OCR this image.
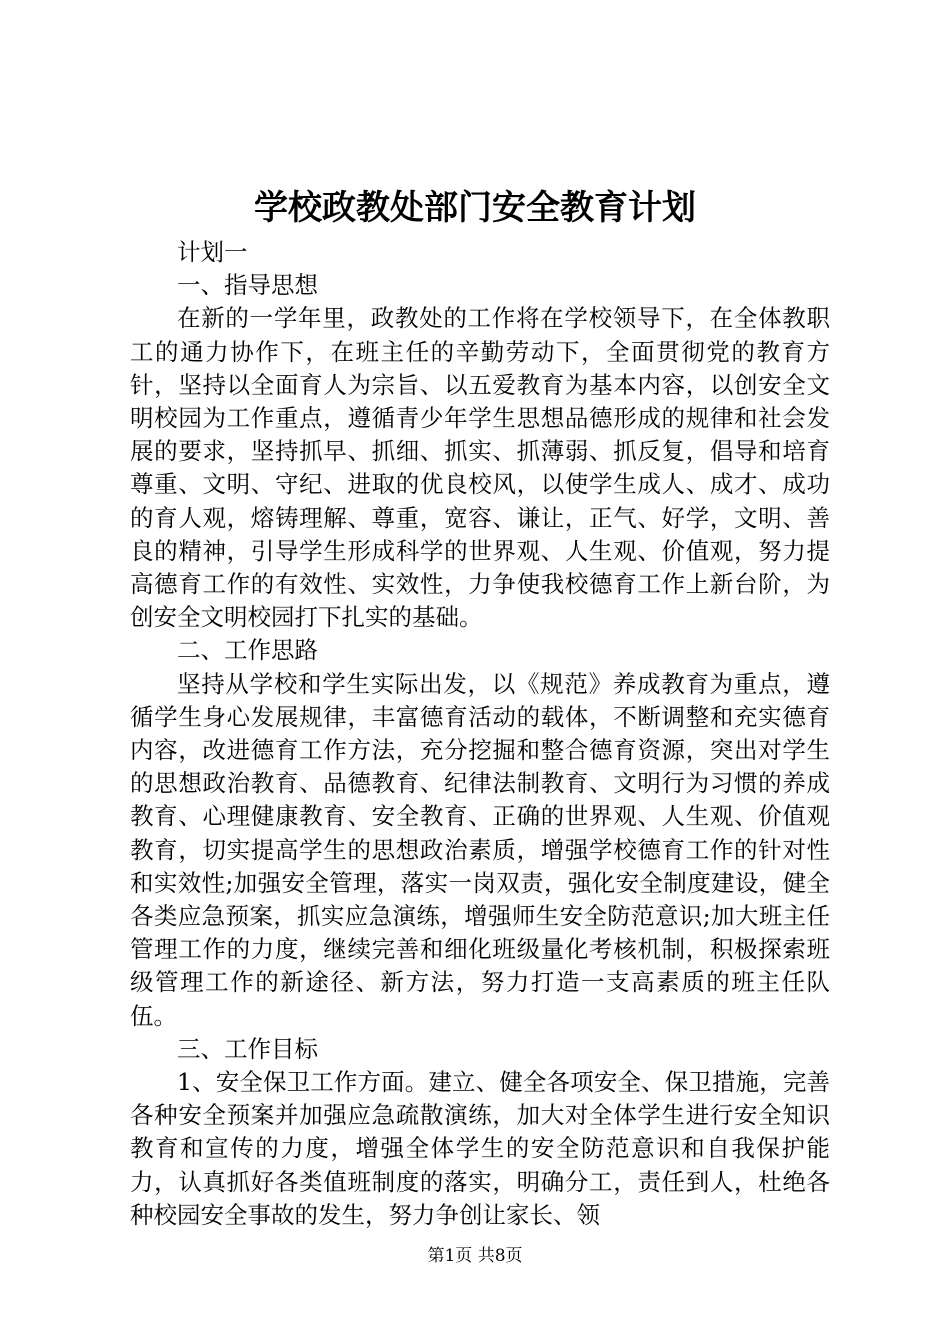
学校政教处部门安全教育计划

计划一

一、指导思想

在新的一学年里，政教处的工作将在学校领导下，在全体教职工的通力协作下，在班主任的辛勤劳动下，全面贯彻党的教育方针，坚持以全面育人为宗旨、以五爱教育为基本内容，以创安全文明校园为工作重点，遵循青少年学生思想品德形成的规律和社会发展的要求，坚持抓早、抓细、抓实、抓薄弱、抓反复，倡导和培育尊重、文明、守纪、进取的优良校风，以使学生成人、成才、成功的育人观，熔铸理解、尊重，宽容、谦让，正气、好学，文明、善良的精神，引导学生形成科学的世界观、人生观、价值观，努力提高德育工作的有效性、实效性，力争使我校德育工作上新台阶，为创安全文明校园打下扎实的基础。

二、工作思路

坚持从学校和学生实际出发，以《规范》养成教育为重点，遵循学生身心发展规律，丰富德育活动的载体，不断调整和充实德育内容，改进德育工作方法，充分挖掘和整合德育资源，突出对学生的思想政治教育、品德教育、纪律法制教育、文明行为习惯的养成教育、心理健康教育、安全教育、正确的世界观、人生观、价值观教育，切实提高学生的思想政治素质，增强学校德育工作的针对性和实效性;加强安全管理，落实一岗双责，强化安全制度建设，健全各类应急预案，抓实应急演练，增强师生安全防范意识;加大班主任管理工作的力度，继续完善和细化班级量化考核机制，积极探索班级管理工作的新途径、新方法，努力打造一支高素质的班主任队伍。

三、工作目标

1、安全保卫工作方面。建立、健全各项安全、保卫措施，完善各种安全预案并加强应急疏散演练，加大对全体学生进行安全知识教育和宣传的力度，增强全体学生的安全防范意识和自我保护能力，认真抓好各类值班制度的落实，明确分工，责任到人，杜绝各种校园安全事故的发生，努力争创让家长、领

第1页 共8页
